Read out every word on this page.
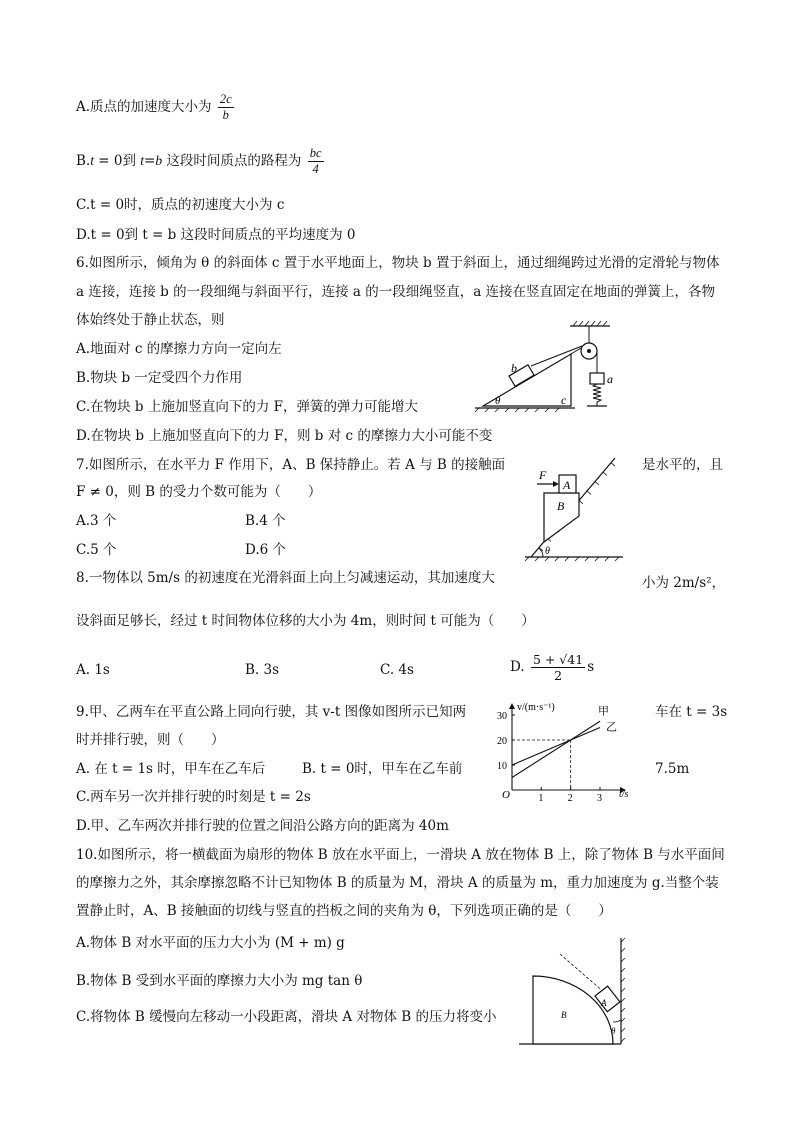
A.质点的加速度大小为 $\frac{2c}{b}$
B.t = 0到 t=b 这段时间质点的路程为 $\frac{bc}{4}$
C.t = 0时，质点的初速度大小为 c
D.t = 0到 t = b 这段时间质点的平均速度为 0
6.如图所示，倾角为 θ 的斜面体 c 置于水平地面上，物块 b 置于斜面上，通过细绳跨过光滑的定滑轮与物体
a 连接，连接 b 的一段细绳与斜面平行，连接 a 的一段细绳竖直，a 连接在竖直固定在地面的弹簧上，各物
体始终处于静止状态，则
A.地面对 c 的摩擦力方向一定向左
B.物块 b 一定受四个力作用
C.在物块 b 上施加竖直向下的力 F，弹簧的弹力可能增大
D.在物块 b 上施加竖直向下的力 F，则 b 对 c 的摩擦力大小可能不变
b
a
c
θ
7.如图所示，在水平力 F 作用下，A、B 保持静止。若 A 与 B 的接触面	是水平的，且
F ≠ 0，则 B 的受力个数可能为（　　）
A.3 个	B.4 个
C.5 个	D.6 个
B
A
F
θ
8.一物体以 5m/s 的初速度在光滑斜面上向上匀减速运动，其加速度大	小为 2m/s²，
设斜面足够长，经过 t 时间物体位移的大小为 4m，则时间 t 可能为（　　）
A. 1s	B. 3s	C. 4s	D. $\frac{5 + √41}{2}$ s
9.甲、乙两车在平直公路上同向行驶，其 v-t 图像如图所示已知两	车在 t = 3s
时并排行驶，则（　　）
A. 在 t = 1s 时，甲车在乙车后	B. t = 0时，甲车在乙车前	7.5m
C.两车另一次并排行驶的时刻是 t = 2s
D.甲、乙车两次并排行驶的位置之间沿公路方向的距离为 40m
v/(m·s⁻¹)
t/s
O	1 2 3
10
20
30	甲
乙
10.如图所示，将一横截面为扇形的物体 B 放在水平面上，一滑块 A 放在物体 B 上，除了物体 B 与水平面间
的摩擦力之外，其余摩擦忽略不计已知物体 B 的质量为 M，滑块 A 的质量为 m，重力加速度为 g.当整个装
置静止时，A、B 接触面的切线与竖直的挡板之间的夹角为 θ，下列选项正确的是（　　）
A.物体 B 对水平面的压力大小为 (M + m) g
B.物体 B 受到水平面的摩擦力大小为 mg tan θ
C.将物体 B 缓慢向左移动一小段距离，滑块 A 对物体 B 的压力将变小	B
A
θ
